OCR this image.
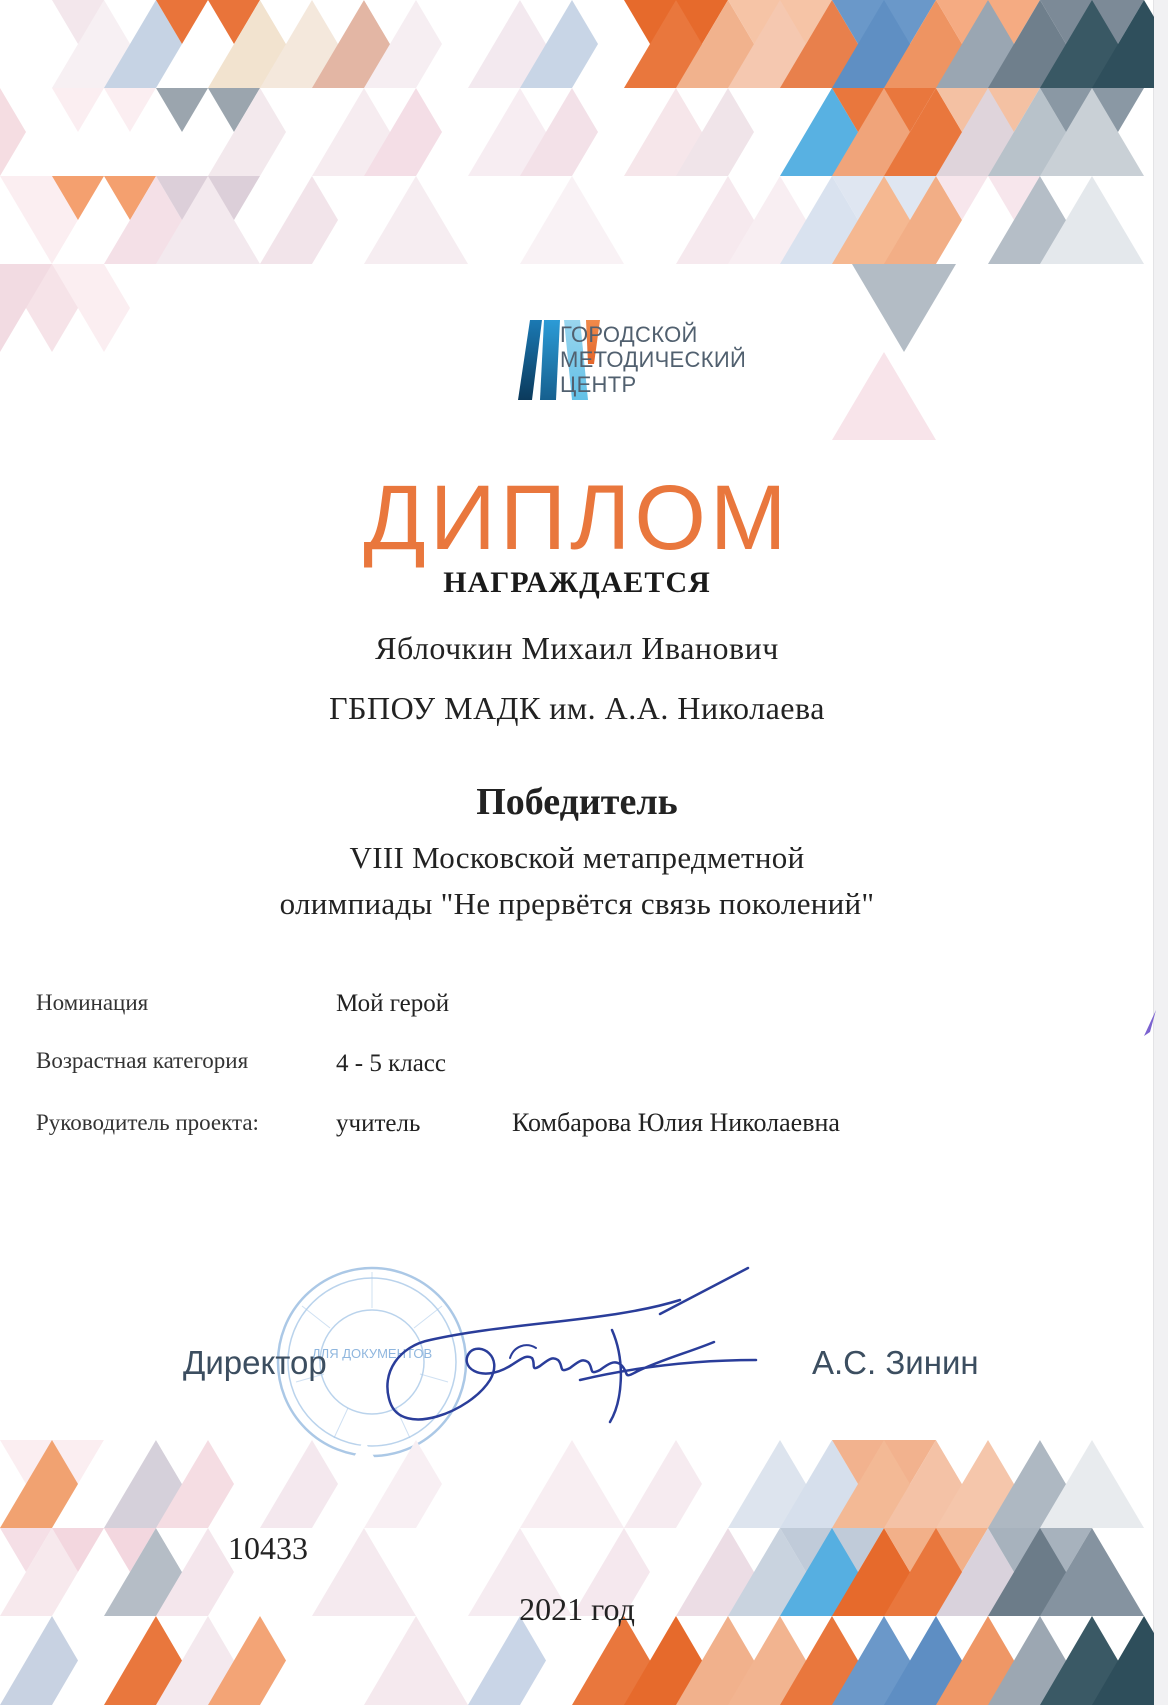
ГОРОДСКОЙ
МЕТОДИЧЕСКИЙ
ЦЕНТР
ДИПЛОМ
НАГРАЖДАЕТСЯ
Яблочкин Михаил Иванович
ГБПОУ МАДК им. А.А. Николаева
Победитель
VIII Московской метапредметной
олимпиады "Не прервётся связь поколений"
Номинация	Мой герой
Возрастная категория	4 - 5 класс
Руководитель проекта:	учитель	Комбарова Юлия Николаевна
ДЛЯ ДОКУМЕНТОВ
Директор	А.С. Зинин
10433
2021 год
